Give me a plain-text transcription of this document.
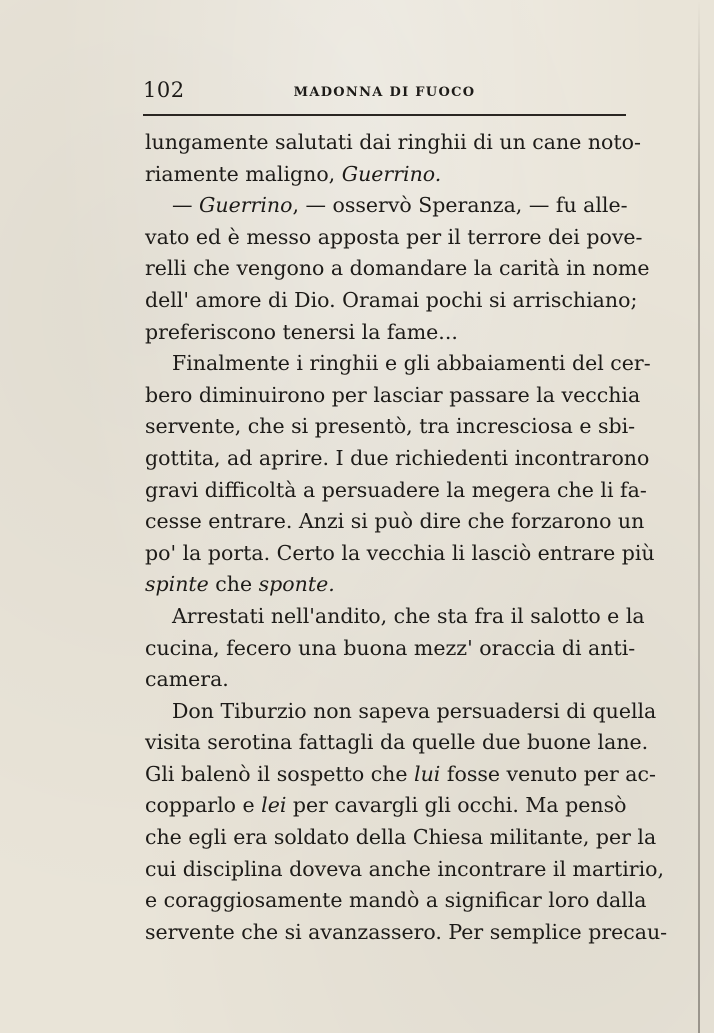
102	MADONNA DI FUOCO
lungamente salutati dai ringhii di un cane noto-
riamente maligno, Guerrino.
— Guerrino, — osservò Speranza, — fu alle-
vato ed è messo apposta per il terrore dei pove-
relli che vengono a domandare la carità in nome
dell' amore di Dio. Oramai pochi si arrischiano;
preferiscono tenersi la fame...
Finalmente i ringhii e gli abbaiamenti del cer-
bero diminuirono per lasciar passare la vecchia
servente, che si presentò, tra incresciosa e sbi-
gottita, ad aprire. I due richiedenti incontrarono
gravi difficoltà a persuadere la megera che li fa-
cesse entrare. Anzi si può dire che forzarono un
po' la porta. Certo la vecchia li lasciò entrare più
spinte che sponte.
Arrestati nell'andito, che sta fra il salotto e la
cucina, fecero una buona mezz' oraccia di anti-
camera.
Don Tiburzio non sapeva persuadersi di quella
visita serotina fattagli da quelle due buone lane.
Gli balenò il sospetto che lui fosse venuto per ac-
copparlo e lei per cavargli gli occhi. Ma pensò
che egli era soldato della Chiesa militante, per la
cui disciplina doveva anche incontrare il martirio,
e coraggiosamente mandò a significar loro dalla
servente che si avanzassero. Per semplice precau-
